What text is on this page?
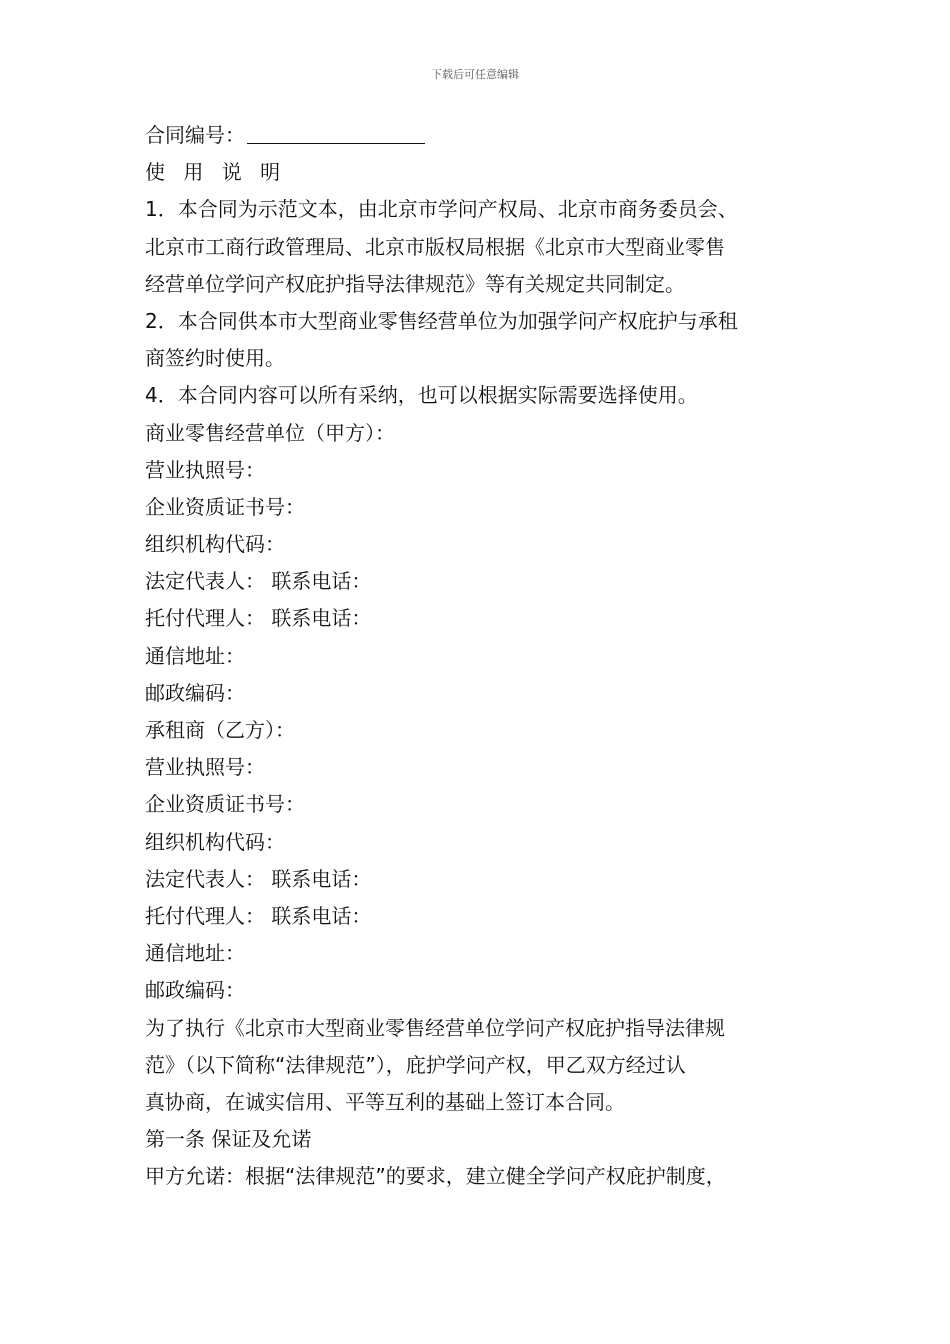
下载后可任意编辑
合同编号：
使 用 说 明
1．本合同为示范文本，由北京市学问产权局、北京市商务委员会、
北京市工商行政管理局、北京市版权局根据《北京市大型商业零售
经营单位学问产权庇护指导法律规范》等有关规定共同制定。
2．本合同供本市大型商业零售经营单位为加强学问产权庇护与承租
商签约时使用。
4．本合同内容可以所有采纳，也可以根据实际需要选择使用。
商业零售经营单位（甲方）：
营业执照号：
企业资质证书号：
组织机构代码：
法定代表人： 联系电话：
托付代理人： 联系电话：
通信地址：
邮政编码：
承租商（乙方）：
营业执照号：
企业资质证书号：
组织机构代码：
法定代表人： 联系电话：
托付代理人： 联系电话：
通信地址：
邮政编码：
为了执行《北京市大型商业零售经营单位学问产权庇护指导法律规
范》（以下简称“法律规范”），庇护学问产权，甲乙双方经过认
真协商，在诚实信用、平等互利的基础上签订本合同。
第一条 保证及允诺
甲方允诺：根据“法律规范”的要求，建立健全学问产权庇护制度，
